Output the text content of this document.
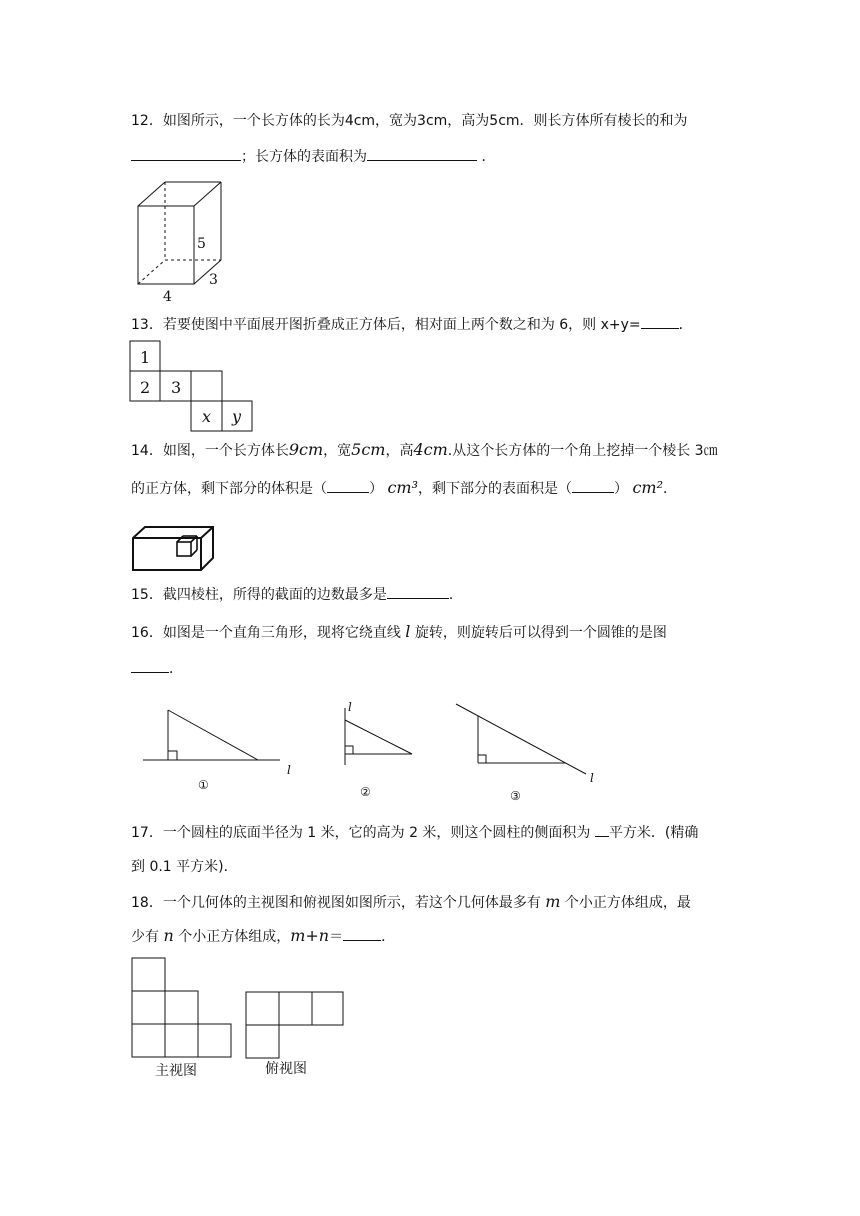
12．如图所示，一个长方体的长为4cm，宽为3cm，高为5cm．则长方体所有棱长的和为
；长方体的表面积为	．
5
3
4
13．若要使图中平面展开图折叠成正方体后，相对面上两个数之和为 6，则 x+y=	．
1
2 3
x y
14．如图，一个长方体长9cm，宽5cm，高4cm.从这个长方体的一个角上挖掉一个棱长 3㎝
的正方体，剩下部分的体积是（	） cm³，剩下部分的表面积是（	） cm²．
15．截四棱柱，所得的截面的边数最多是	．
16．如图是一个直角三角形，现将它绕直线 l 旋转，则旋转后可以得到一个圆锥的是图
．
l
①
l
②
l
③
17．一个圆柱的底面半径为 1 米，它的高为 2 米，则这个圆柱的侧面积为 平方米．(精确
到 0.1 平方米)．
18．一个几何体的主视图和俯视图如图所示，若这个几何体最多有 m 个小正方体组成，最
少有 n 个小正方体组成，m+n＝	．
主视图	俯视图
